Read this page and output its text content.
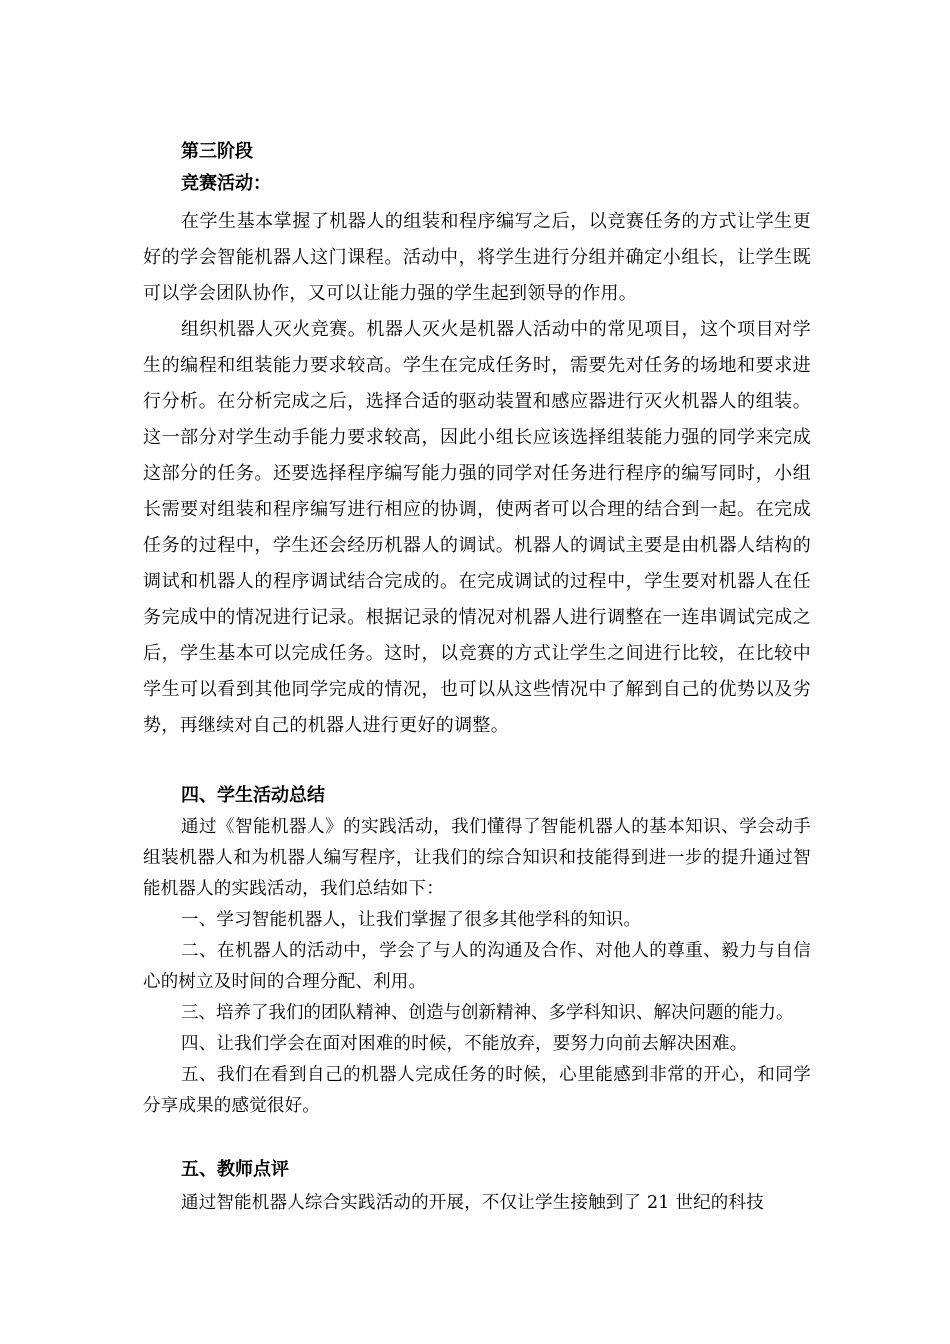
第三阶段

竞赛活动：

在学生基本掌握了机器人的组装和程序编写之后，以竞赛任务的方式让学生更好的学会智能机器人这门课程。活动中，将学生进行分组并确定小组长，让学生既可以学会团队协作，又可以让能力强的学生起到领导的作用。

组织机器人灭火竞赛。机器人灭火是机器人活动中的常见项目，这个项目对学生的编程和组装能力要求较高。学生在完成任务时，需要先对任务的场地和要求进行分析。在分析完成之后，选择合适的驱动装置和感应器进行灭火机器人的组装。这一部分对学生动手能力要求较高，因此小组长应该选择组装能力强的同学来完成这部分的任务。还要选择程序编写能力强的同学对任务进行程序的编写同时，小组长需要对组装和程序编写进行相应的协调，使两者可以合理的结合到一起。在完成任务的过程中，学生还会经历机器人的调试。机器人的调试主要是由机器人结构的调试和机器人的程序调试结合完成的。在完成调试的过程中，学生要对机器人在任务完成中的情况进行记录。根据记录的情况对机器人进行调整在一连串调试完成之后，学生基本可以完成任务。这时，以竞赛的方式让学生之间进行比较，在比较中学生可以看到其他同学完成的情况，也可以从这些情况中了解到自己的优势以及劣势，再继续对自己的机器人进行更好的调整。

四、学生活动总结

通过《智能机器人》的实践活动，我们懂得了智能机器人的基本知识、学会动手组装机器人和为机器人编写程序，让我们的综合知识和技能得到进一步的提升通过智能机器人的实践活动，我们总结如下：

一、学习智能机器人，让我们掌握了很多其他学科的知识。

二、在机器人的活动中，学会了与人的沟通及合作、对他人的尊重、毅力与自信心的树立及时间的合理分配、利用。

三、培养了我们的团队精神、创造与创新精神、多学科知识、解决问题的能力。

四、让我们学会在面对困难的时候，不能放弃，要努力向前去解决困难。

五、我们在看到自己的机器人完成任务的时候，心里能感到非常的开心，和同学分享成果的感觉很好。

五、教师点评

通过智能机器人综合实践活动的开展，不仅让学生接触到了 21 世纪的科技
